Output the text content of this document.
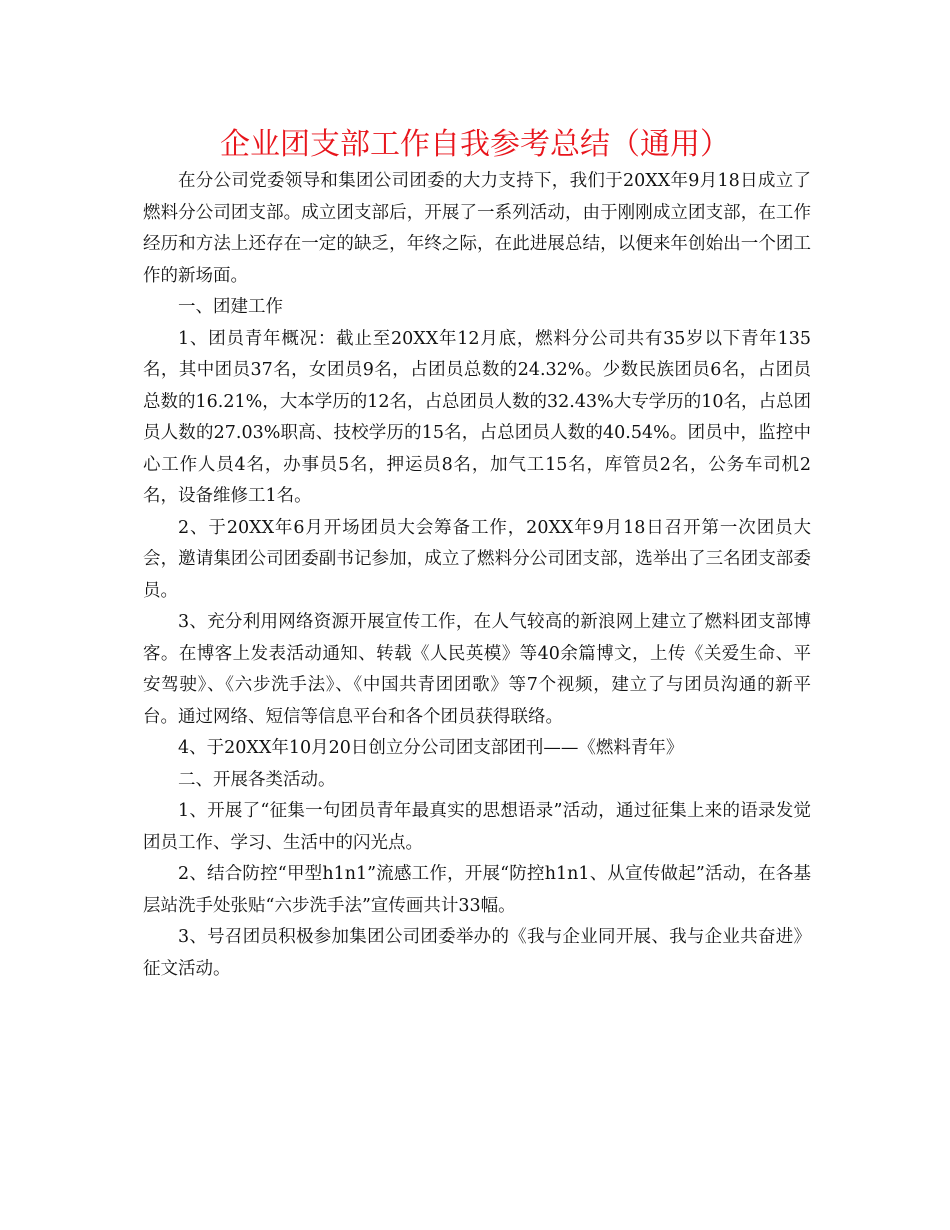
企业团支部工作自我参考总结（通用）

在分公司党委领导和集团公司团委的大力支持下，我们于20XX年9月18日成立了燃料分公司团支部。成立团支部后，开展了一系列活动，由于刚刚成立团支部，在工作经历和方法上还存在一定的缺乏，年终之际，在此进展总结，以便来年创始出一个团工作的新场面。

一、团建工作

1、团员青年概况：截止至20XX年12月底，燃料分公司共有35岁以下青年135名，其中团员37名，女团员9名，占团员总数的24.32%。少数民族团员6名，占团员总数的16.21%，大本学历的12名，占总团员人数的32.43%大专学历的10名，占总团员人数的27.03%职高、技校学历的15名，占总团员人数的40.54%。团员中，监控中心工作人员4名，办事员5名，押运员8名，加气工15名，库管员2名，公务车司机2名，设备维修工1名。

2、于20XX年6月开场团员大会筹备工作，20XX年9月18日召开第一次团员大会，邀请集团公司团委副书记参加，成立了燃料分公司团支部，选举出了三名团支部委员。

3、充分利用网络资源开展宣传工作，在人气较高的新浪网上建立了燃料团支部博客。在博客上发表活动通知、转载《人民英模》等40余篇博文，上传《关爱生命、平安驾驶》、《六步洗手法》、《中国共青团团歌》等7个视频，建立了与团员沟通的新平台。通过网络、短信等信息平台和各个团员获得联络。

4、于20XX年10月20日创立分公司团支部团刊——《燃料青年》

二、开展各类活动。

1、开展了“征集一句团员青年最真实的思想语录”活动，通过征集上来的语录发觉团员工作、学习、生活中的闪光点。

2、结合防控“甲型h1n1”流感工作，开展“防控h1n1、从宣传做起”活动，在各基层站洗手处张贴“六步洗手法”宣传画共计33幅。

3、号召团员积极参加集团公司团委举办的《我与企业同开展、我与企业共奋进》征文活动。
